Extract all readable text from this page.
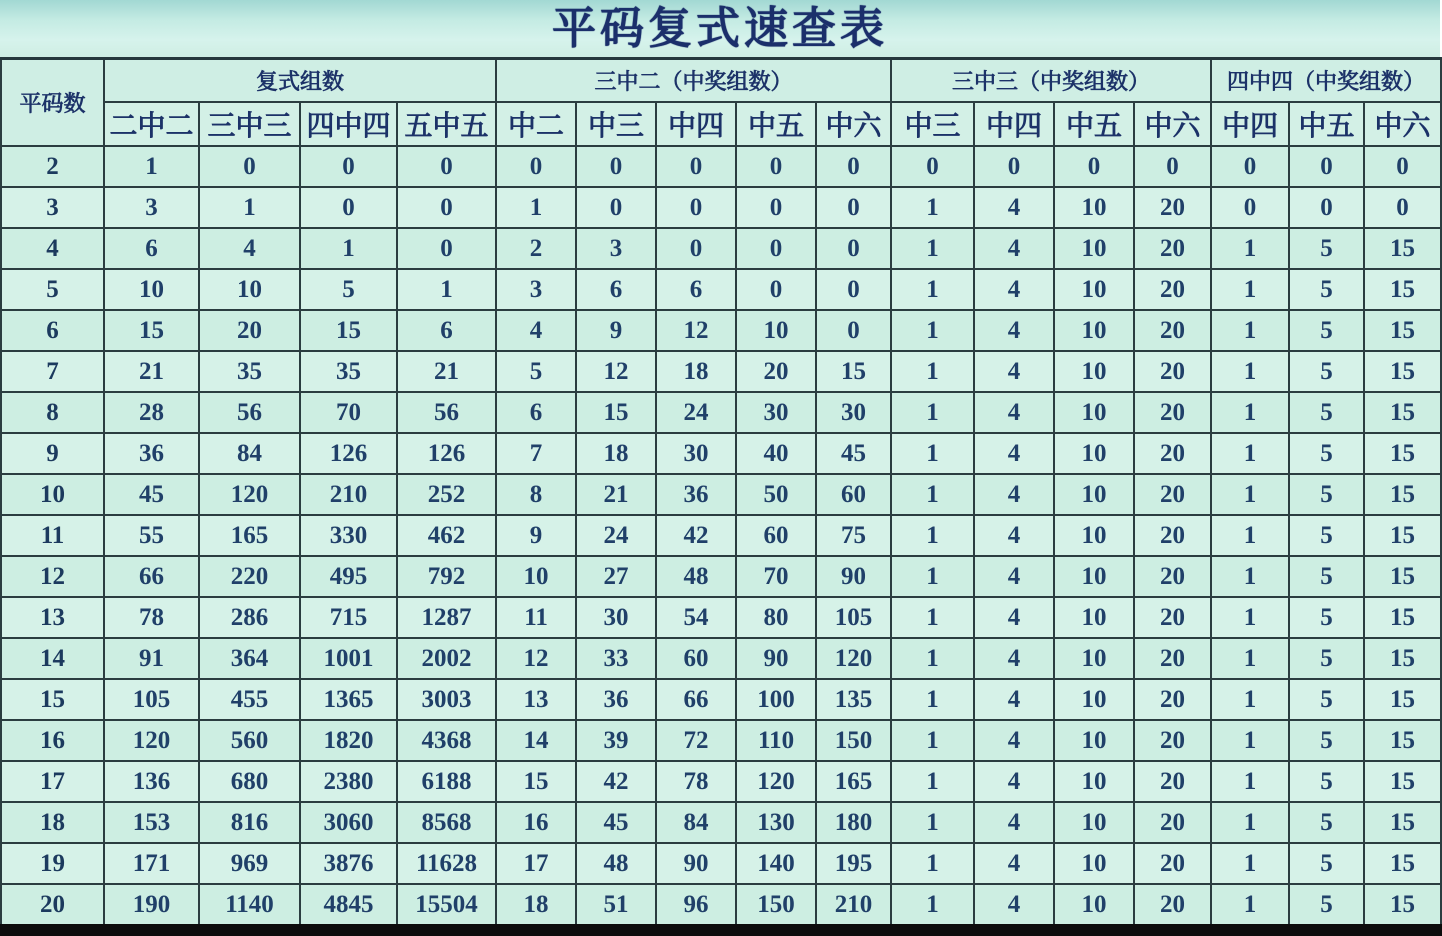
平码复式速查表
平码数	复式组数				三中二（中奖组数）					三中三（中奖组数）				四中四（中奖组数）		
	二中二	三中三	四中四	五中五	中二	中三	中四	中五	中六	中三	中四	中五	中六	中四	中五	中六
2	1	0	0	0	0	0	0	0	0	0	0	0	0	0	0	0
3	3	1	0	0	1	0	0	0	0	1	4	10	20	0	0	0
4	6	4	1	0	2	3	0	0	0	1	4	10	20	1	5	15
5	10	10	5	1	3	6	6	0	0	1	4	10	20	1	5	15
6	15	20	15	6	4	9	12	10	0	1	4	10	20	1	5	15
7	21	35	35	21	5	12	18	20	15	1	4	10	20	1	5	15
8	28	56	70	56	6	15	24	30	30	1	4	10	20	1	5	15
9	36	84	126	126	7	18	30	40	45	1	4	10	20	1	5	15
10	45	120	210	252	8	21	36	50	60	1	4	10	20	1	5	15
11	55	165	330	462	9	24	42	60	75	1	4	10	20	1	5	15
12	66	220	495	792	10	27	48	70	90	1	4	10	20	1	5	15
13	78	286	715	1287	11	30	54	80	105	1	4	10	20	1	5	15
14	91	364	1001	2002	12	33	60	90	120	1	4	10	20	1	5	15
15	105	455	1365	3003	13	36	66	100	135	1	4	10	20	1	5	15
16	120	560	1820	4368	14	39	72	110	150	1	4	10	20	1	5	15
17	136	680	2380	6188	15	42	78	120	165	1	4	10	20	1	5	15
18	153	816	3060	8568	16	45	84	130	180	1	4	10	20	1	5	15
19	171	969	3876	11628	17	48	90	140	195	1	4	10	20	1	5	15
20	190	1140	4845	15504	18	51	96	150	210	1	4	10	20	1	5	15
